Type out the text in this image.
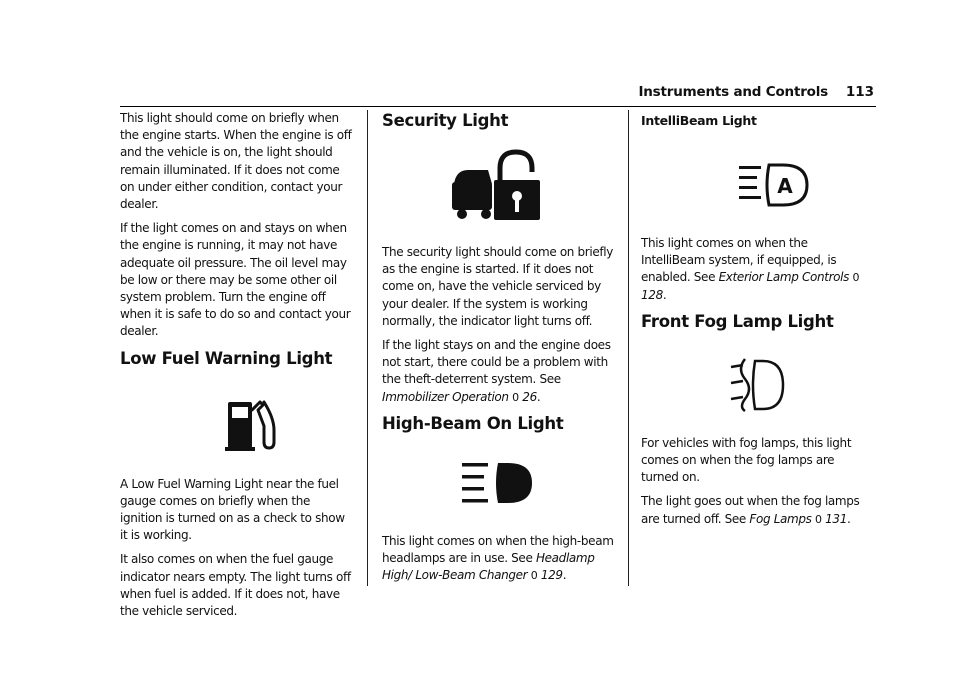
Instruments and Controls 113

This light should come on briefly when the engine starts. When the engine is off and the vehicle is on, the light should remain illuminated. If it does not come on under either condition, contact your dealer.

If the light comes on and stays on when the engine is running, it may not have adequate oil pressure. The oil level may be low or there may be some other oil system problem. Turn the engine off when it is safe to do so and contact your dealer.

Low Fuel Warning Light

A Low Fuel Warning Light near the fuel gauge comes on briefly when the ignition is turned on as a check to show it is working.

It also comes on when the fuel gauge indicator nears empty. The light turns off when fuel is added. If it does not, have the vehicle serviced.

Security Light

The security light should come on briefly as the engine is started. If it does not come on, have the vehicle serviced by your dealer. If the system is working normally, the indicator light turns off.

If the light stays on and the engine does not start, there could be a problem with the theft-deterrent system. See Immobilizer Operation 0 26.

High-Beam On Light

This light comes on when the high-beam headlamps are in use. See Headlamp High/ Low-Beam Changer 0 129.

IntelliBeam Light
A

This light comes on when the IntelliBeam system, if equipped, is enabled. See Exterior Lamp Controls 0 128.

Front Fog Lamp Light

For vehicles with fog lamps, this light comes on when the fog lamps are turned on.

The light goes out when the fog lamps are turned off. See Fog Lamps 0 131.
